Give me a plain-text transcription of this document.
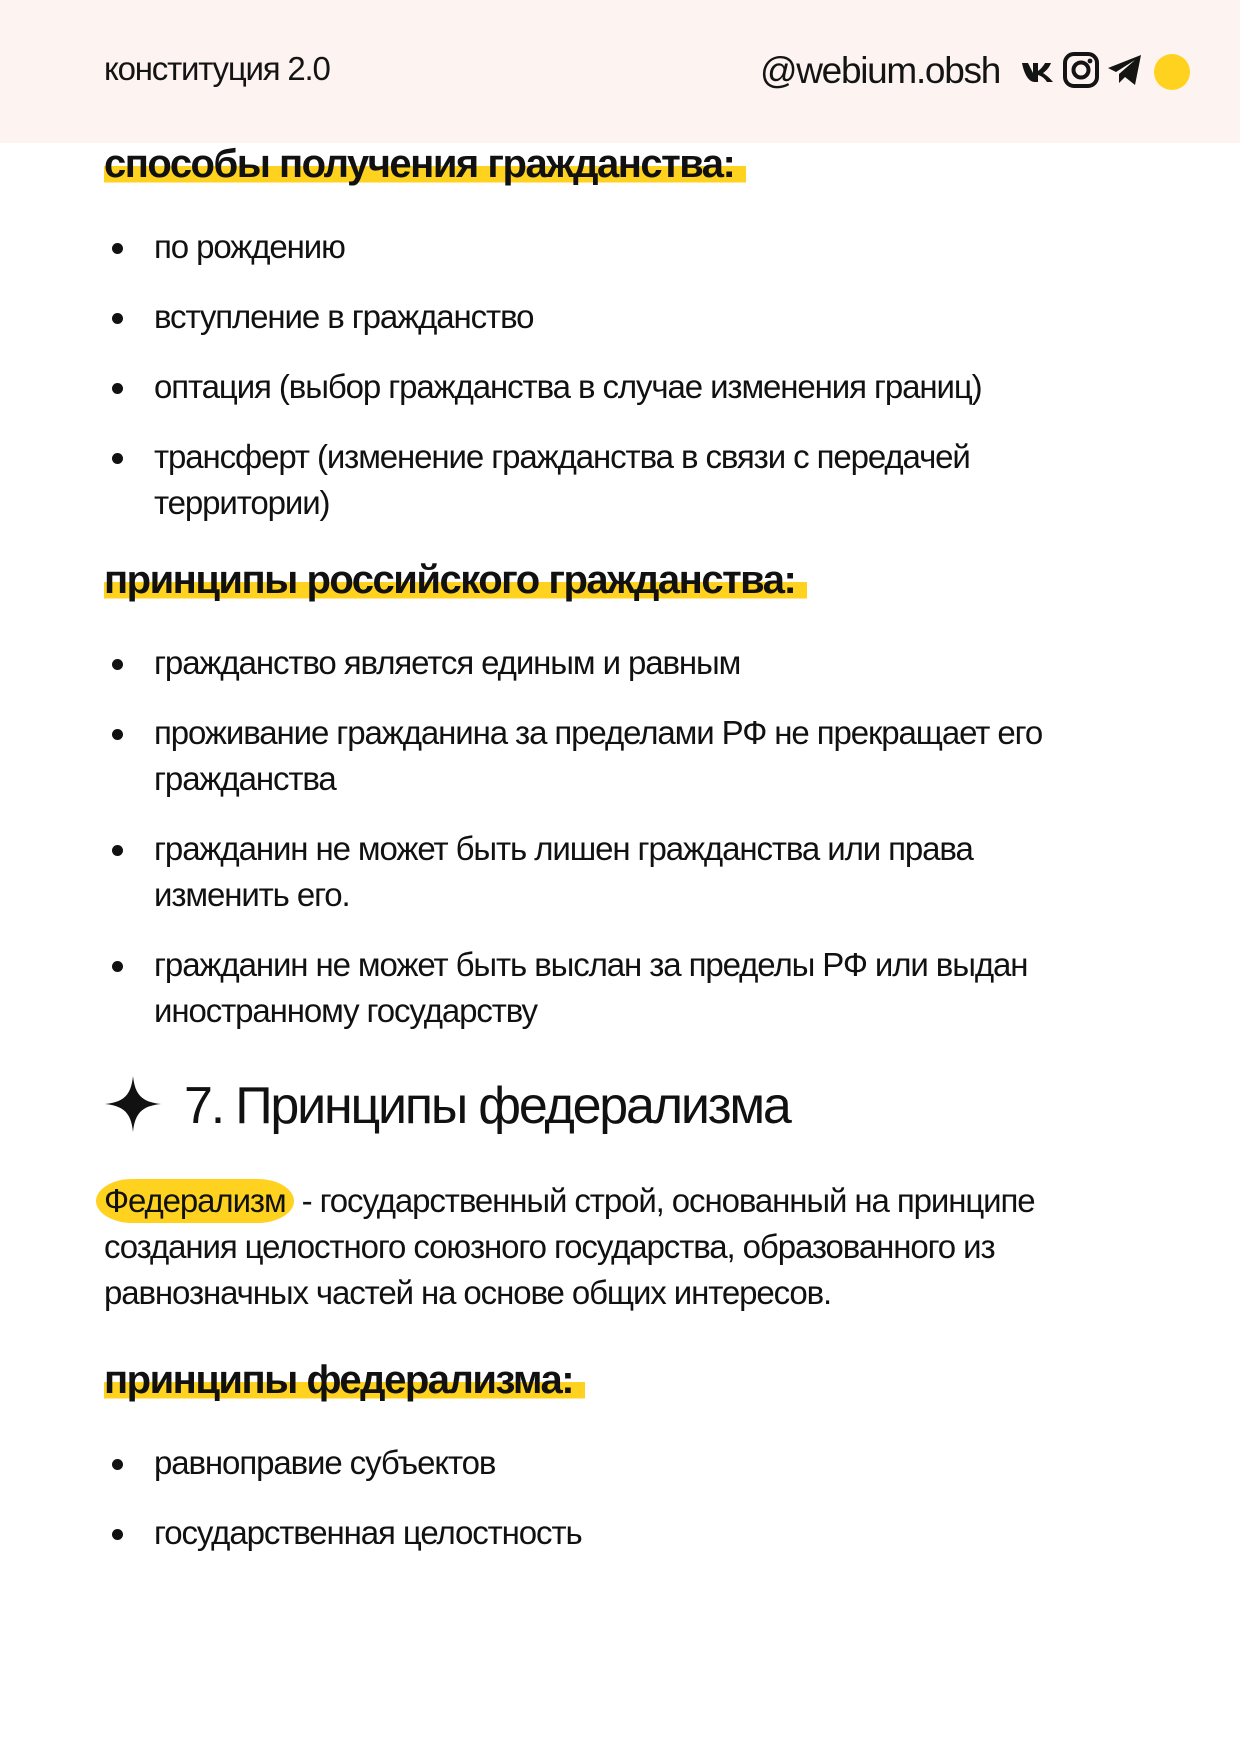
конституция 2.0	@webium.obsh
способы получения гражданства:
по рождению
вступление в гражданство
оптация (выбор гражданства в случае изменения границ)
трансферт (изменение гражданства в связи с передачей территории)
принципы российского гражданства:
гражданство является единым и равным
проживание гражданина за пределами РФ не прекращает его гражданства
гражданин не может быть лишен гражданства или права изменить его.
гражданин не может быть выслан за пределы РФ или выдан иностранному государству
7. Принципы федерализма
Федерализм - государственный строй, основанный на принципе создания целостного союзного государства, образованного из равнозначных частей на основе общих интересов.
принципы федерализма:
равноправие субъектов
государственная целостность
